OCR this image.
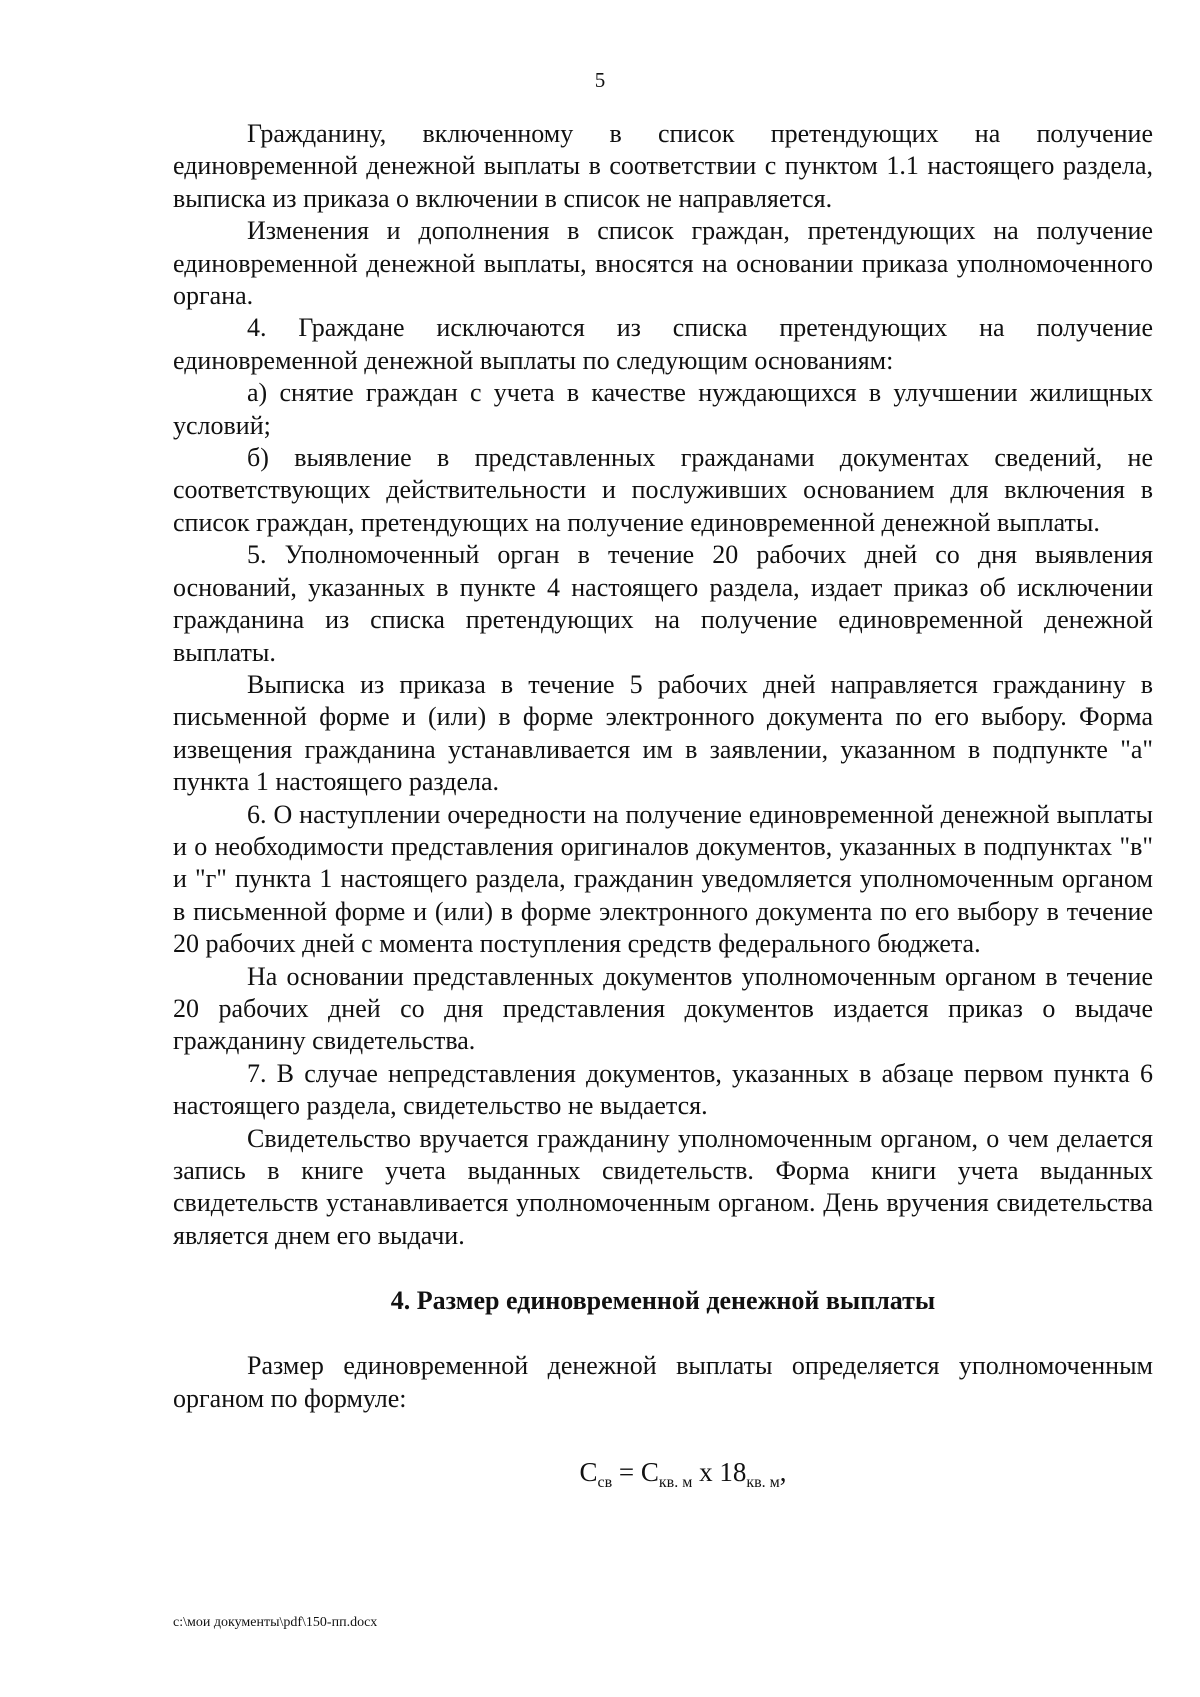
5

Гражданину, включенному в список претендующих на получение единовременной денежной выплаты в соответствии с пунктом 1.1 настоящего раздела, выписка из приказа о включении в список не направляется.

Изменения и дополнения в список граждан, претендующих на получение единовременной денежной выплаты, вносятся на основании приказа уполномоченного органа.

4. Граждане исключаются из списка претендующих на получение единовременной денежной выплаты по следующим основаниям:

а) снятие граждан с учета в качестве нуждающихся в улучшении жилищных условий;

б) выявление в представленных гражданами документах сведений, не соответствующих действительности и послуживших основанием для включения в список граждан, претендующих на получение единовременной денежной выплаты.

5. Уполномоченный орган в течение 20 рабочих дней со дня выявления оснований, указанных в пункте 4 настоящего раздела, издает приказ об исключении гражданина из списка претендующих на получение единовременной денежной выплаты.

Выписка из приказа в течение 5 рабочих дней направляется гражданину в письменной форме и (или) в форме электронного документа по его выбору. Форма извещения гражданина устанавливается им в заявлении, указанном в подпункте "а" пункта 1 настоящего раздела.

6. О наступлении очередности на получение единовременной денежной выплаты и о необходимости представления оригиналов документов, указанных в подпунктах "в" и "г" пункта 1 настоящего раздела, гражданин уведомляется уполномоченным органом в письменной форме и (или) в форме электронного документа по его выбору в течение 20 рабочих дней с момента поступления средств федерального бюджета.

На основании представленных документов уполномоченным органом в течение 20 рабочих дней со дня представления документов издается приказ о выдаче гражданину свидетельства.

7. В случае непредставления документов, указанных в абзаце первом пункта 6 настоящего раздела, свидетельство не выдается.

Свидетельство вручается гражданину уполномоченным органом, о чем делается запись в книге учета выданных свидетельств. Форма книги учета выданных свидетельств устанавливается уполномоченным органом. День вручения свидетельства является днем его выдачи.

4. Размер единовременной денежной выплаты

Размер единовременной денежной выплаты определяется уполномоченным органом по формуле:

$С_{св} = С_{кв. м}$ x $18_{кв. м}$,
c:\мои документы\pdf\150-пп.docx
